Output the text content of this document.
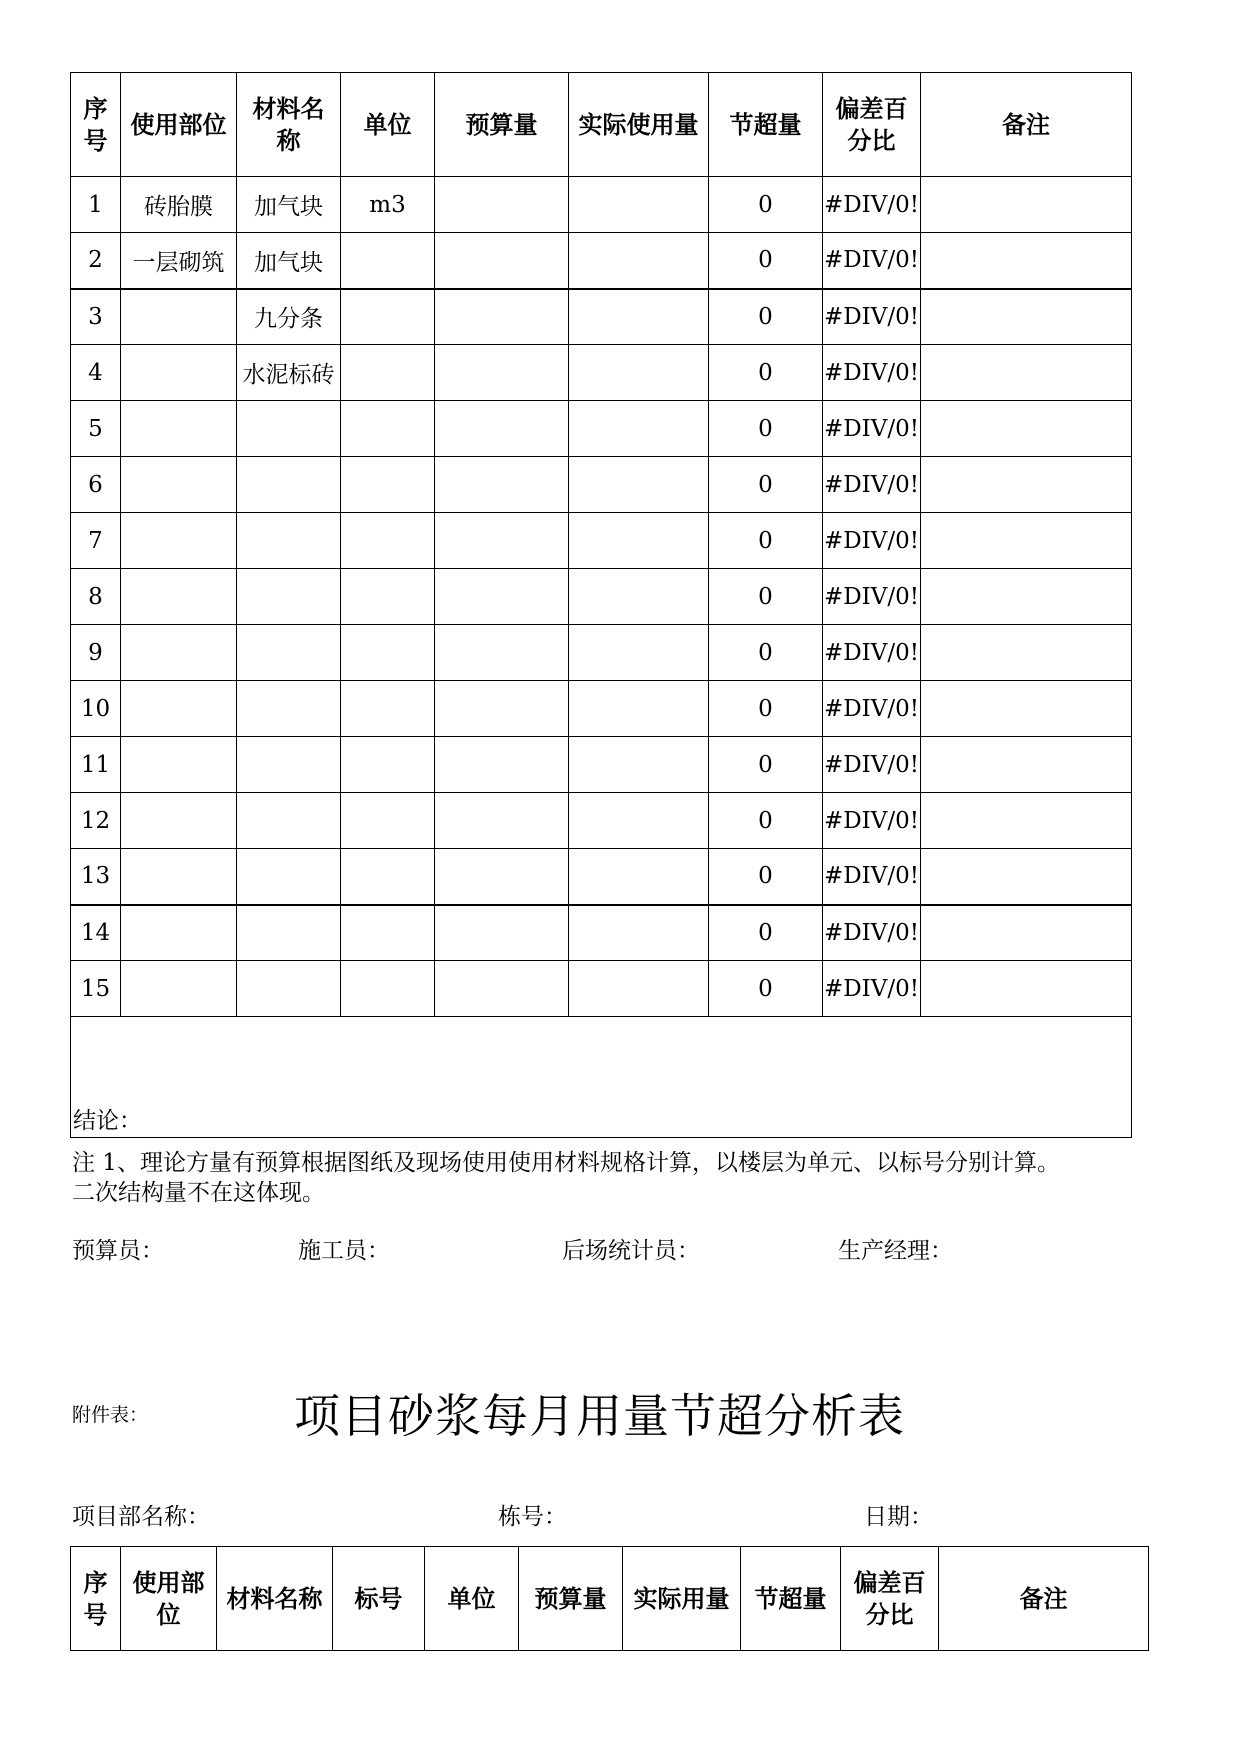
序号	使用部位	材料名称	单位	预算量	实际使用量	节超量	偏差百分比	备注
1	砖胎膜	加气块	m3			0	#DIV/0!	
2	一层砌筑	加气块				0	#DIV/0!	
3		九分条				0	#DIV/0!	
4		水泥标砖				0	#DIV/0!	
5						0	#DIV/0!	
6						0	#DIV/0!	
7						0	#DIV/0!	
8						0	#DIV/0!	
9						0	#DIV/0!	
10						0	#DIV/0!	
11						0	#DIV/0!	
12						0	#DIV/0!	
13						0	#DIV/0!	
14						0	#DIV/0!	
15						0	#DIV/0!	
结论：								
注 1、理论方量有预算根据图纸及现场使用使用材料规格计算，以楼层为单元、以标号分别计算。
二次结构量不在这体现。
预算员：	施工员：	后场统计员：	生产经理：
附件表：	项目砂浆每月用量节超分析表
项目部名称：	栋号：	日期：
序号	使用部位	材料名称	标号	单位	预算量	实际用量	节超量	偏差百分比	备注
